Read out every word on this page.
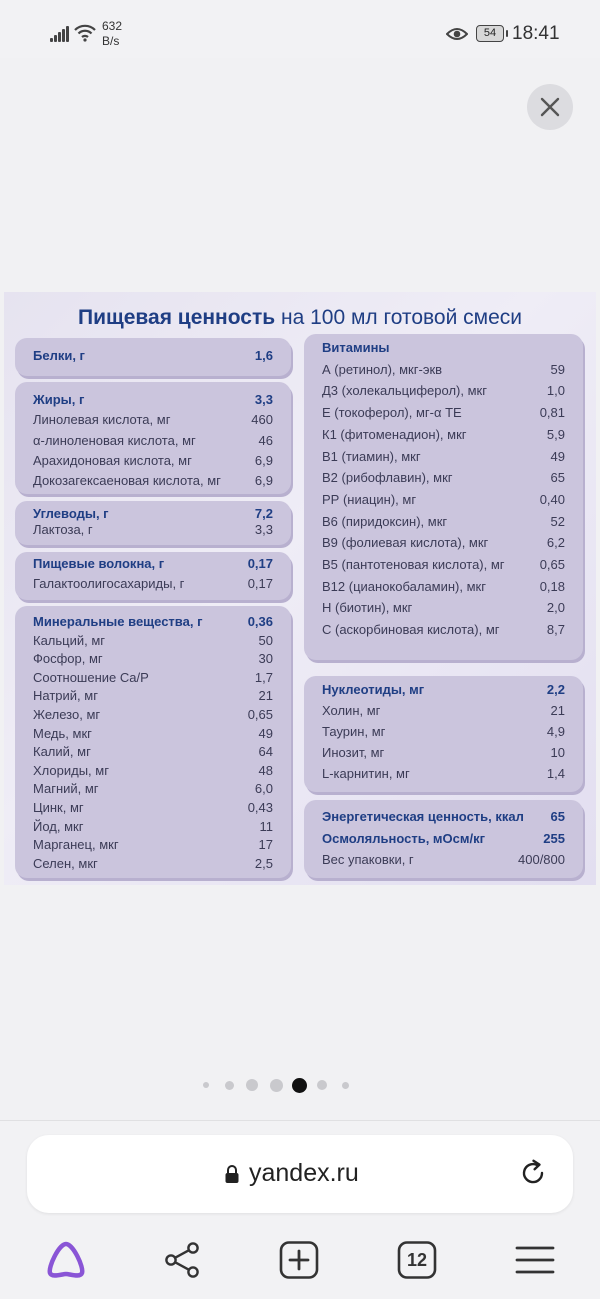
632
B/s
54 18:41
Пищевая ценность на 100 мл готовой смеси
Белки, г	1,6
Жиры, г	3,3
Линолевая кислота, мг	460
α-линоленовая кислота, мг	46
Арахидоновая кислота, мг	6,9
Докозагексаеновая кислота, мг	6,9
Углеводы, г	7,2
Лактоза, г	3,3
Пищевые волокна, г	0,17
Галактоолигосахариды, г	0,17
Минеральные вещества, г	0,36
Кальций, мг	50
Фосфор, мг	30
Соотношение Ca/P	1,7
Натрий, мг	21
Железо, мг	0,65
Медь, мкг	49
Калий, мг	64
Хлориды, мг	48
Магний, мг	6,0
Цинк, мг	0,43
Йод, мкг	11
Марганец, мкг	17
Селен, мкг	2,5
Витамины
А (ретинол), мкг-экв	59
Д3 (холекальциферол), мкг	1,0
Е (токоферол), мг-α ТЕ	0,81
К1 (фитоменадион), мкг	5,9
В1 (тиамин), мкг	49
В2 (рибофлавин), мкг	65
РР (ниацин), мг	0,40
В6 (пиридоксин), мкг	52
В9 (фолиевая кислота), мкг	6,2
В5 (пантотеновая кислота), мг	0,65
В12 (цианокобаламин), мкг	0,18
Н (биотин), мкг	2,0
С (аскорбиновая кислота), мг	8,7
Нуклеотиды, мг	2,2
Холин, мг	21
Таурин, мг	4,9
Инозит, мг	10
L-карнитин, мг	1,4
Энергетическая ценность, ккал 65
Осмоляльность, мОсм/кг	255
Вес упаковки, г	400/800
yandex.ru
12
